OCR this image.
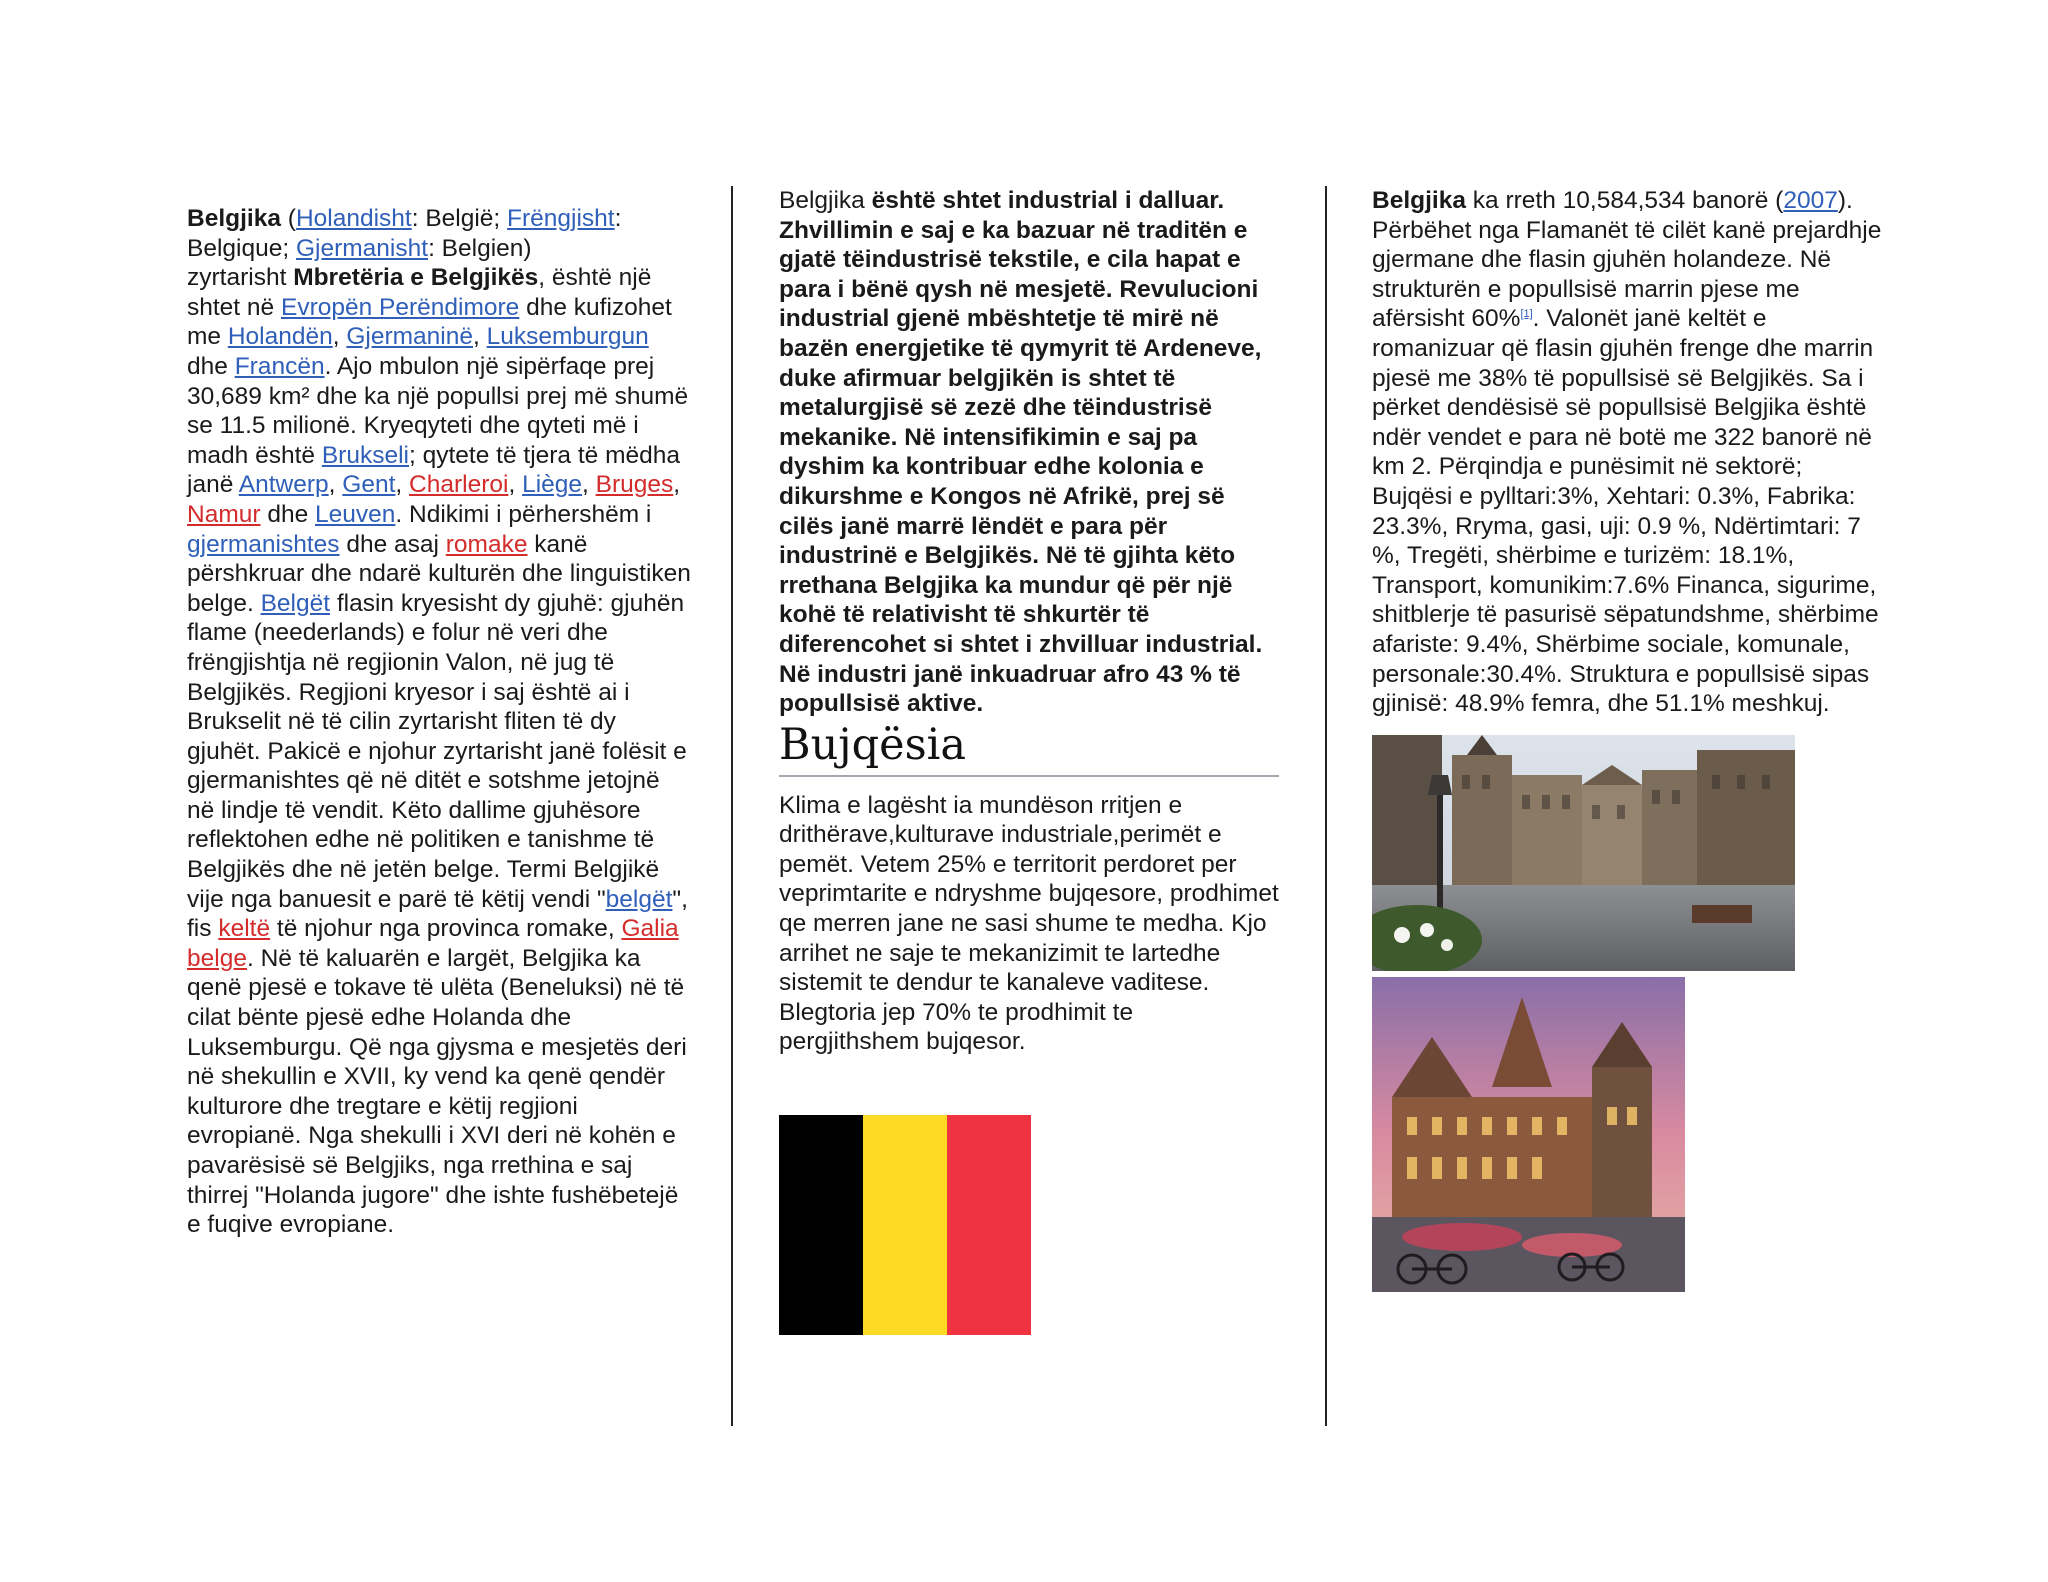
Belgjika (Holandisht: België; Frëngjisht: Belgique; Gjermanisht: Belgien)
zyrtarisht Mbretëria e Belgjikës, është një shtet në Evropën Perëndimore dhe kufizohet me Holandën, Gjermaninë, Luksemburgun dhe Francën. Ajo mbulon një sipërfaqe prej 30,689 km² dhe ka një popullsi prej më shumë se 11.5 milionë. Kryeqyteti dhe qyteti më i madh është Brukseli; qytete të tjera të mëdha janë Antwerp, Gent, Charleroi, Liège, Bruges, Namur dhe Leuven. Ndikimi i përhershëm i gjermanishtes dhe asaj romake kanë përshkruar dhe ndarë kulturën dhe linguistiken belge. Belgët flasin kryesisht dy gjuhë: gjuhën flame (neederlands) e folur në veri dhe frëngjishtja në regjionin Valon, në jug të Belgjikës. Regjioni kryesor i saj është ai i Brukselit në të cilin zyrtarisht fliten të dy gjuhët. Pakicë e njohur zyrtarisht janë folësit e gjermanishtes që në ditët e sotshme jetojnë në lindje të vendit. Këto dallime gjuhësore reflektohen edhe në politiken e tanishme të Belgjikës dhe në jetën belge. Termi Belgjikë vije nga banuesit e parë të këtij vendi "belgët", fis keltë të njohur nga provinca romake, Galia belge. Në të kaluarën e largët, Belgjika ka qenë pjesë e tokave të ulëta (Beneluksi) në të cilat bënte pjesë edhe Holanda dhe Luksemburgu. Që nga gjysma e mesjetës deri në shekullin e XVII, ky vend ka qenë qendër kulturore dhe tregtare e këtij regjioni evropianë. Nga shekulli i XVI deri në kohën e pavarësisë së Belgjiks, nga rrethina e saj thirrej "Holanda jugore" dhe ishte fushëbetejë e fuqive evropiane.
Belgjika është shtet industrial i dalluar. Zhvillimin e saj e ka bazuar në traditën e gjatë tëindustrisë tekstile, e cila hapat e para i bënë qysh në mesjetë. Revulucioni industrial gjenë mbështetje të mirë në bazën energjetike të qymyrit të Ardeneve, duke afirmuar belgjikën is shtet të metalurgjisë së zezë dhe tëindustrisë mekanike. Në intensifikimin e saj pa dyshim ka kontribuar edhe kolonia e dikurshme e Kongos në Afrikë, prej së cilës janë marrë lëndët e para për industrinë e Belgjikës. Në të gjihta këto rrethana Belgjika ka mundur që për një kohë të relativisht të shkurtër të diferencohet si shtet i zhvilluar industrial. Në industri janë inkuadruar afro 43 % të popullsisë aktive.
Bujqësia
Klima e lagësht ia mundëson rritjen e drithërave,kulturave industriale,perimët e pemët. Vetem 25% e territorit perdoret per veprimtarite e ndryshme bujqesore, prodhimet qe merren jane ne sasi shume te medha. Kjo arrihet ne saje te mekanizimit te lartedhe sistemit te dendur te kanaleve vaditese. Blegtoria jep 70% te prodhimit te pergjithshem bujqesor.
Belgjika ka rreth 10,584,534 banorë (2007). Përbëhet nga Flamanët të cilët kanë prejardhje gjermane dhe flasin gjuhën holandeze. Në strukturën e popullsisë marrin pjese me afërsisht 60%[1]. Valonët janë keltët e romanizuar që flasin gjuhën frenge dhe marrin pjesë me 38% të popullsisë së Belgjikës. Sa i përket dendësisë së popullsisë Belgjika është ndër vendet e para në botë me 322 banorë në km 2. Përqindja e punësimit në sektorë; Bujqësi e pylltari:3%, Xehtari: 0.3%, Fabrika: 23.3%, Rryma, gasi, uji: 0.9 %, Ndërtimtari: 7 %, Tregëti, shërbime e turizëm: 18.1%, Transport, komunikim:7.6% Financa, sigurime, shitblerje të pasurisë sëpatundshme, shërbime afariste: 9.4%, Shërbime sociale, komunale, personale:30.4%. Struktura e popullsisë sipas gjinisë: 48.9% femra, dhe 51.1% meshkuj.
